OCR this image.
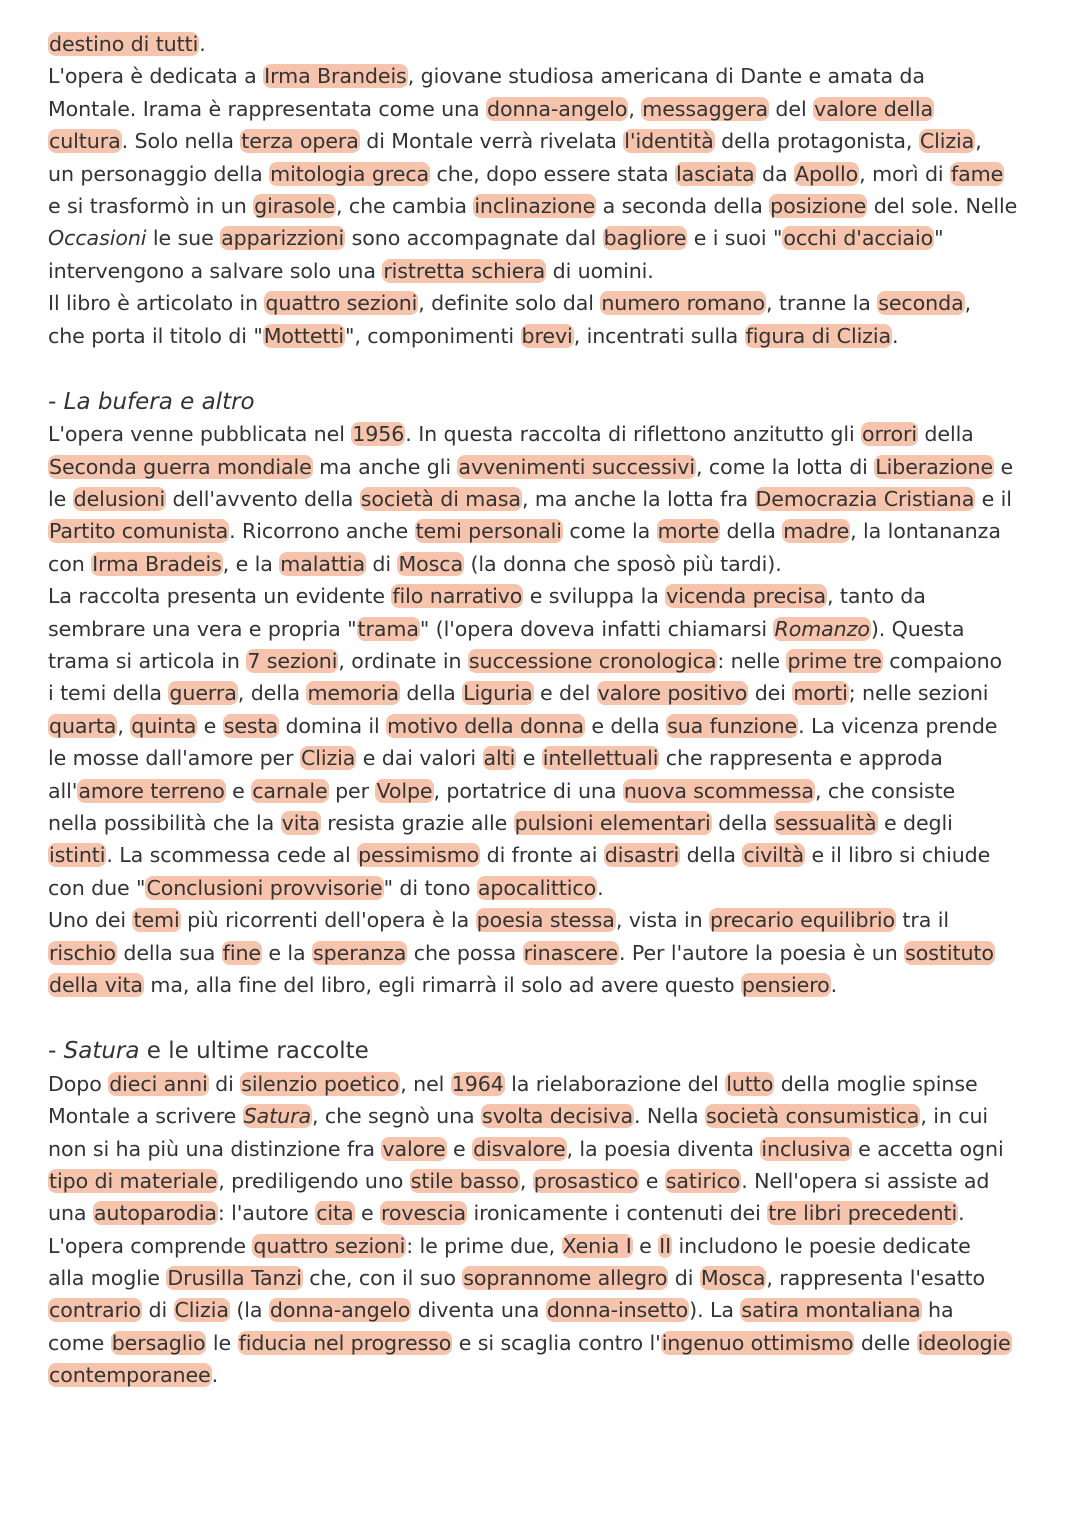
destino di tutti.
L'opera è dedicata a Irma Brandeis, giovane studiosa americana di Dante e amata da
Montale. Irama è rappresentata come una donna-angelo, messaggera del valore della
cultura. Solo nella terza opera di Montale verrà rivelata l'identità della protagonista, Clizia,
un personaggio della mitologia greca che, dopo essere stata lasciata da Apollo, morì di fame
e si trasformò in un girasole, che cambia inclinazione a seconda della posizione del sole. Nelle
Occasioni le sue apparizzioni sono accompagnate dal bagliore e i suoi "occhi d'acciaio"
intervengono a salvare solo una ristretta schiera di uomini.
Il libro è articolato in quattro sezioni, definite solo dal numero romano, tranne la seconda,
che porta il titolo di "Mottetti", componimenti brevi, incentrati sulla figura di Clizia.
- La bufera e altro
L'opera venne pubblicata nel 1956. In questa raccolta di riflettono anzitutto gli orrori della
Seconda guerra mondiale ma anche gli avvenimenti successivi, come la lotta di Liberazione e
le delusioni dell'avvento della società di masa, ma anche la lotta fra Democrazia Cristiana e il
Partito comunista. Ricorrono anche temi personali come la morte della madre, la lontananza
con Irma Bradeis, e la malattia di Mosca (la donna che sposò più tardi).
La raccolta presenta un evidente filo narrativo e sviluppa la vicenda precisa, tanto da
sembrare una vera e propria "trama" (l'opera doveva infatti chiamarsi Romanzo). Questa
trama si articola in 7 sezioni, ordinate in successione cronologica: nelle prime tre compaiono
i temi della guerra, della memoria della Liguria e del valore positivo dei morti; nelle sezioni
quarta, quinta e sesta domina il motivo della donna e della sua funzione. La vicenza prende
le mosse dall'amore per Clizia e dai valori alti e intellettuali che rappresenta e approda
all'amore terreno e carnale per Volpe, portatrice di una nuova scommessa, che consiste
nella possibilità che la vita resista grazie alle pulsioni elementari della sessualità e degli
istinti. La scommessa cede al pessimismo di fronte ai disastri della civiltà e il libro si chiude
con due "Conclusioni provvisorie" di tono apocalittico.
Uno dei temi più ricorrenti dell'opera è la poesia stessa, vista in precario equilibrio tra il
rischio della sua fine e la speranza che possa rinascere. Per l'autore la poesia è un sostituto
della vita ma, alla fine del libro, egli rimarrà il solo ad avere questo pensiero.
- Satura e le ultime raccolte
Dopo dieci anni di silenzio poetico, nel 1964 la rielaborazione del lutto della moglie spinse
Montale a scrivere Satura, che segnò una svolta decisiva. Nella società consumistica, in cui
non si ha più una distinzione fra valore e disvalore, la poesia diventa inclusiva e accetta ogni
tipo di materiale, prediligendo uno stile basso, prosastico e satirico. Nell'opera si assiste ad
una autoparodia: l'autore cita e rovescia ironicamente i contenuti dei tre libri precedenti.
L'opera comprende quattro sezioni: le prime due, Xenia I e II includono le poesie dedicate
alla moglie Drusilla Tanzi che, con il suo soprannome allegro di Mosca, rappresenta l'esatto
contrario di Clizia (la donna-angelo diventa una donna-insetto). La satira montaliana ha
come bersaglio le fiducia nel progresso e si scaglia contro l'ingenuo ottimismo delle ideologie
contemporanee.
